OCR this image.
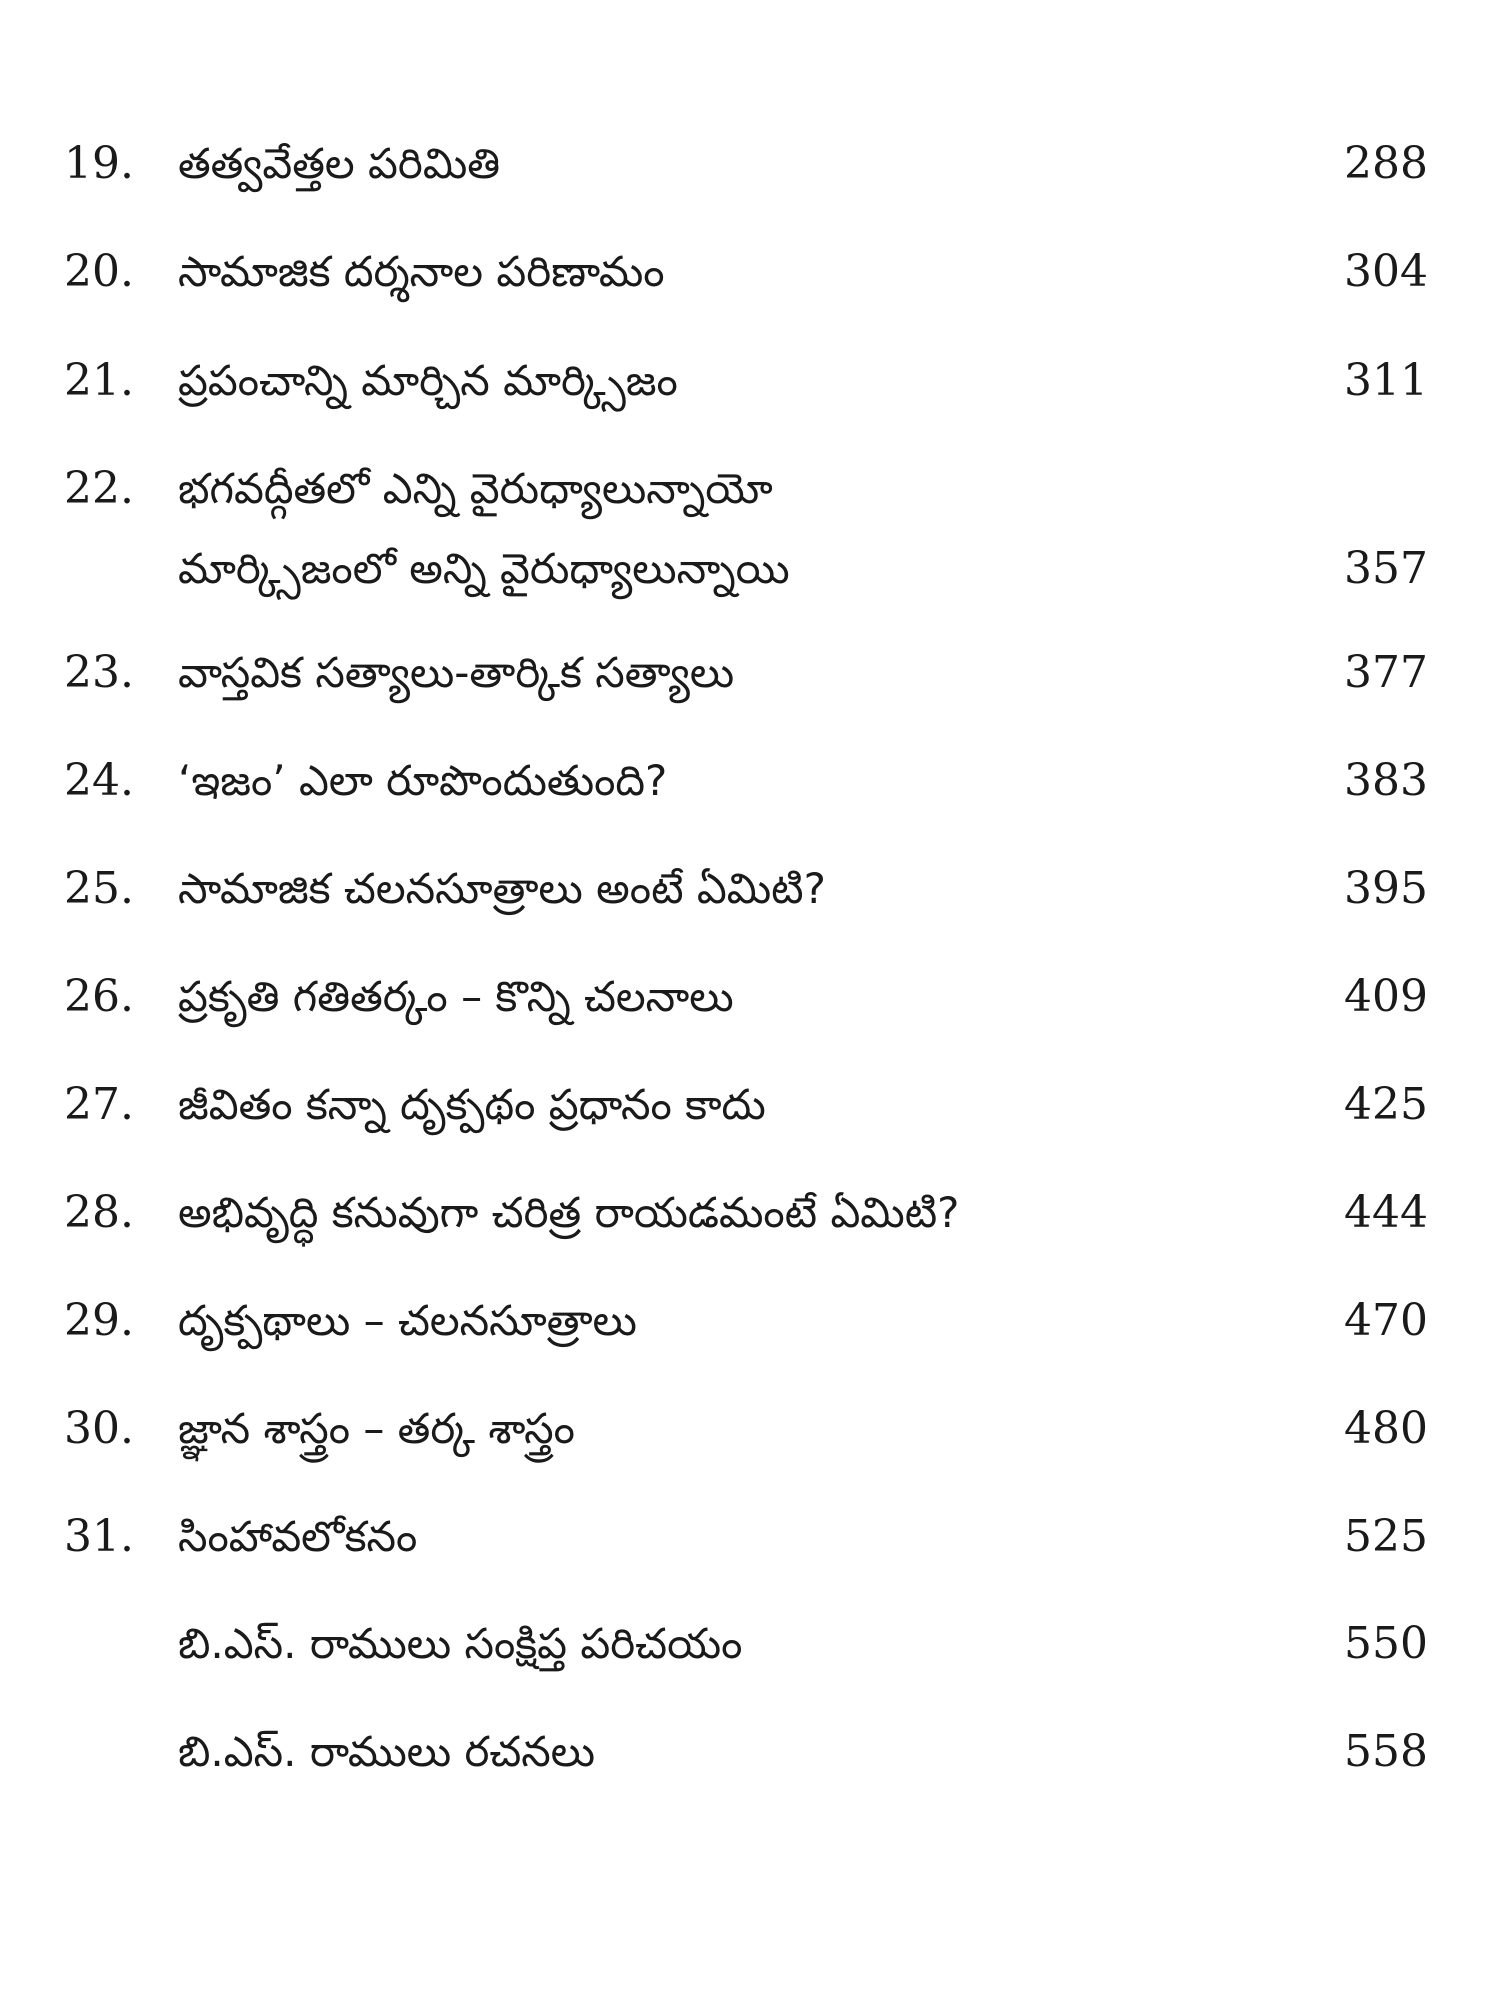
19.	తత్వవేత్తల పరిమితి	288
20.	సామాజిక దర్శనాల పరిణామం	304
21.	ప్రపంచాన్ని మార్చిన మార్క్సిజం	311
22.	భగవద్గీతలో ఎన్ని వైరుధ్యాలున్నాయో
మార్క్సిజంలో అన్ని వైరుధ్యాలున్నాయి	357
23.	వాస్తవిక సత్యాలు-తార్కిక సత్యాలు	377
24.	‘ఇజం’ ఎలా రూపొందుతుంది?	383
25.	సామాజిక చలనసూత్రాలు అంటే ఏమిటి?	395
26.	ప్రకృతి గతితర్కం – కొన్ని చలనాలు	409
27.	జీవితం కన్నా దృక్పథం ప్రధానం కాదు	425
28.	అభివృద్ధి కనువుగా చరిత్ర రాయడమంటే ఏమిటి?	444
29.	దృక్పథాలు – చలనసూత్రాలు	470
30.	జ్ఞాన శాస్త్రం – తర్క శాస్త్రం	480
31.	సింహావలోకనం	525
బి.ఎస్. రాములు సంక్షిప్త పరిచయం	550
బి.ఎస్. రాములు రచనలు	558
